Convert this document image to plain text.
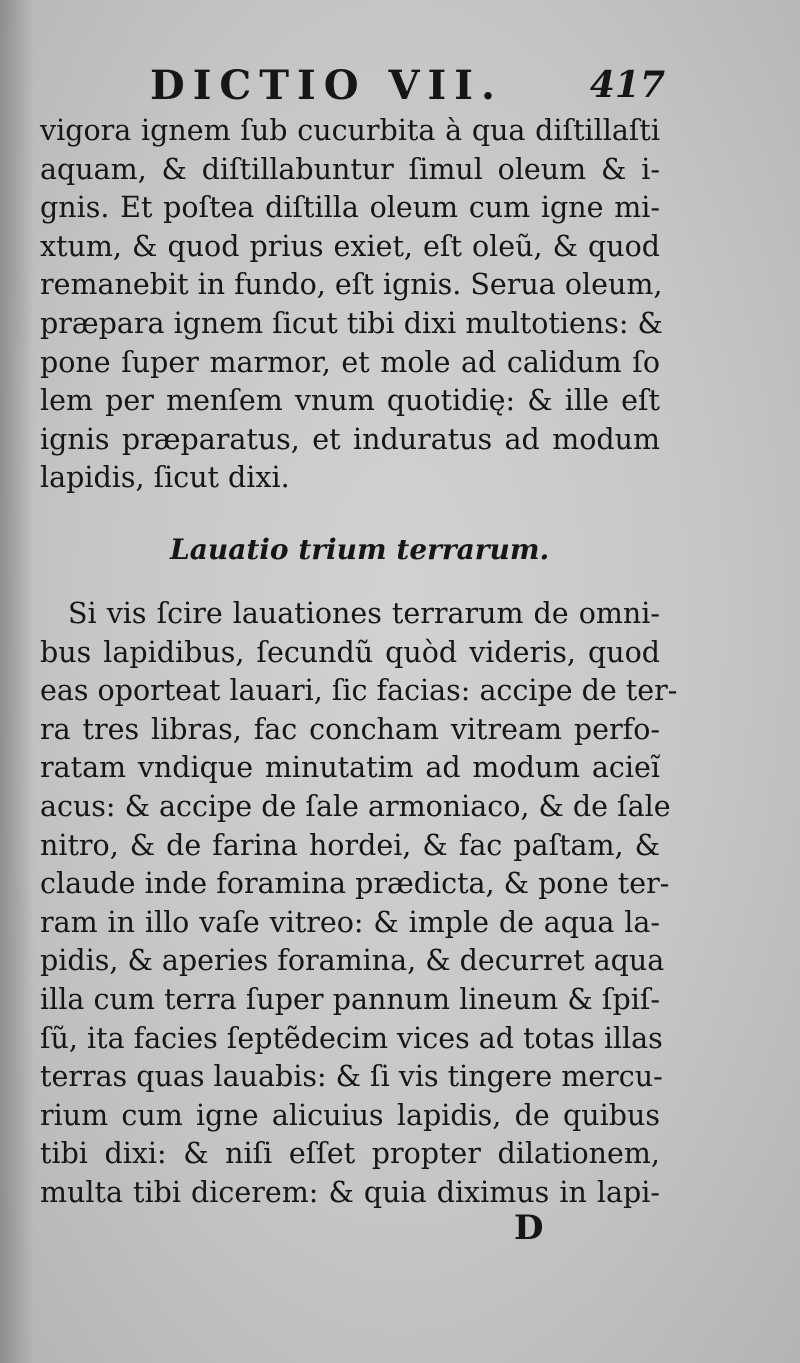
DICTIO VII. 417
vigora ignem ſub cucurbita à qua diſtillaſti
aquam, & diſtillabuntur ſimul oleum & i-
gnis. Et poſtea diſtilla oleum cum igne mi-
xtum, & quod prius exiet, eſt oleũ, & quod
remanebit in fundo, eſt ignis. Serua oleum,
præpara ignem ſicut tibi dixi multotiens: &
pone ſuper marmor, et mole ad calidum ſo
lem per menſem vnum quotidię: & ille eſt
ignis præparatus, et induratus ad modum
lapidis, ſicut dixi.
Lauatio trium terrarum.
Si vis ſcire lauationes terrarum de omni-
bus lapidibus, ſecundũ quòd videris, quod
eas oporteat lauari, ſic facias: accipe de ter-
ra tres libras, fac concham vitream perfo-
ratam vndique minutatim ad modum acieĩ
acus: & accipe de ſale armoniaco, & de ſale
nitro, & de farina hordei, & fac paſtam, &
claude inde foramina prædicta, & pone ter-
ram in illo vaſe vitreo: & imple de aqua la-
pidis, & aperies foramina, & decurret aqua
illa cum terra ſuper pannum lineum & ſpiſ-
ſũ, ita facies ſeptẽdecim vices ad totas illas
terras quas lauabis: & ſi vis tingere mercu-
rium cum igne alicuius lapidis, de quibus
tibi dixi: & niſi eſſet propter dilationem,
multa tibi dicerem: & quia diximus in lapi-
D
